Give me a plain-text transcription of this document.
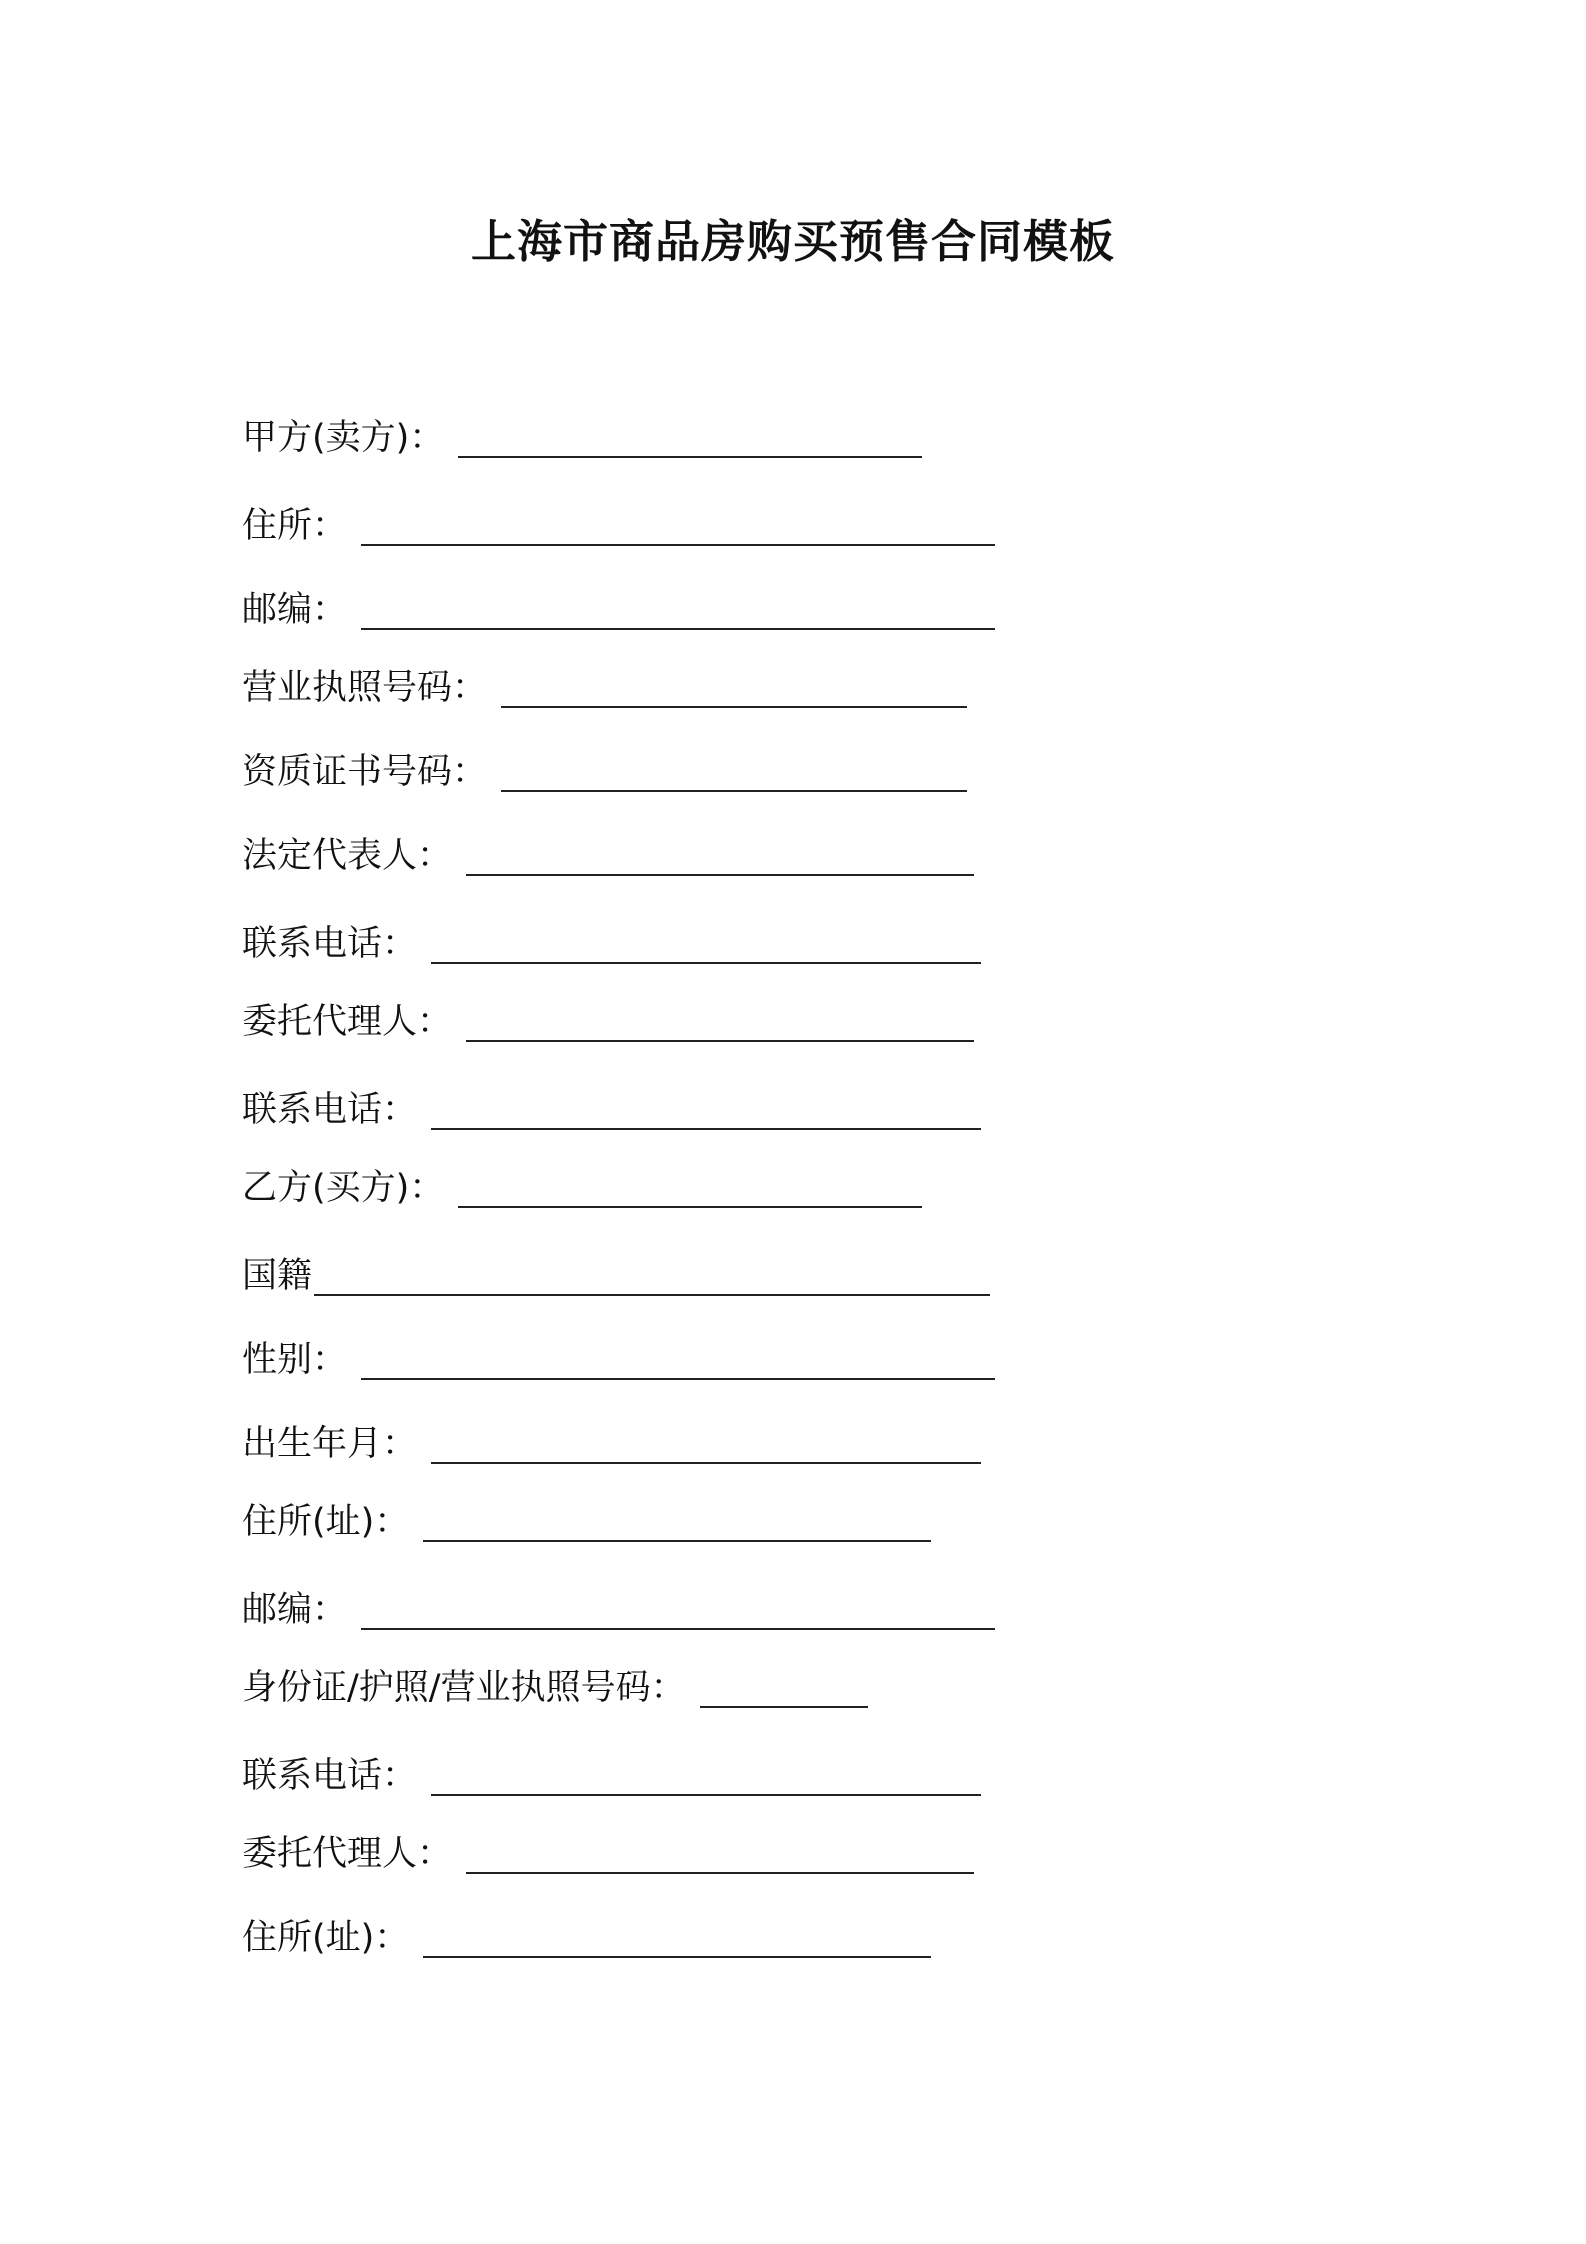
上海市商品房购买预售合同模板
甲方(卖方)：
住所：
邮编：
营业执照号码：
资质证书号码：
法定代表人：
联系电话：
委托代理人：
联系电话：
乙方(买方)：
国籍
性别：
出生年月：
住所(址)：
邮编：
身份证/护照/营业执照号码：
联系电话：
委托代理人：
住所(址)：
